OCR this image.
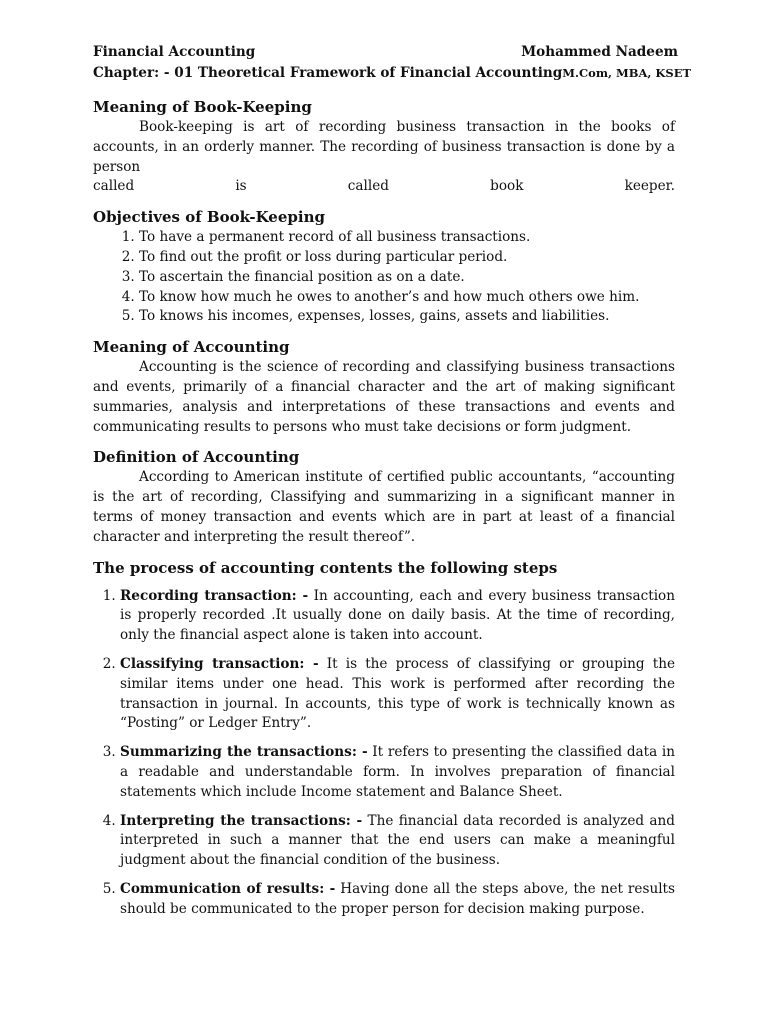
Financial Accounting	Mohammed Nadeem
Chapter: - 01 Theoretical Framework of Financial Accounting M.Com, MBA, KSET
Meaning of Book-Keeping

Book-keeping is art of recording business transaction in the books of accounts, in an orderly manner. The recording of business transaction is done by a person

called is called book keeper.

Objectives of Book-Keeping
1. To have a permanent record of all business transactions.
2. To find out the profit or loss during particular period.
3. To ascertain the financial position as on a date.
4. To know how much he owes to another’s and how much others owe him.
5. To knows his incomes, expenses, losses, gains, assets and liabilities.
Meaning of Accounting

Accounting is the science of recording and classifying business transactions and events, primarily of a financial character and the art of making significant summaries, analysis and interpretations of these transactions and events and communicating results to persons who must take decisions or form judgment.

Definition of Accounting

According to American institute of certified public accountants, “accounting is the art of recording, Classifying and summarizing in a significant manner in terms of money transaction and events which are in part at least of a financial character and interpreting the result thereof”.

The process of accounting contents the following steps
1. Recording transaction: - In accounting, each and every business transaction is properly recorded .It usually done on daily basis. At the time of recording, only the financial aspect alone is taken into account.
2. Classifying transaction: - It is the process of classifying or grouping the similar items under one head. This work is performed after recording the transaction in journal. In accounts, this type of work is technically known as “Posting” or Ledger Entry”.
3. Summarizing the transactions: - It refers to presenting the classified data in a readable and understandable form. In involves preparation of financial statements which include Income statement and Balance Sheet.
4. Interpreting the transactions: - The financial data recorded is analyzed and interpreted in such a manner that the end users can make a meaningful judgment about the financial condition of the business.
5. Communication of results: - Having done all the steps above, the net results should be communicated to the proper person for decision making purpose.
